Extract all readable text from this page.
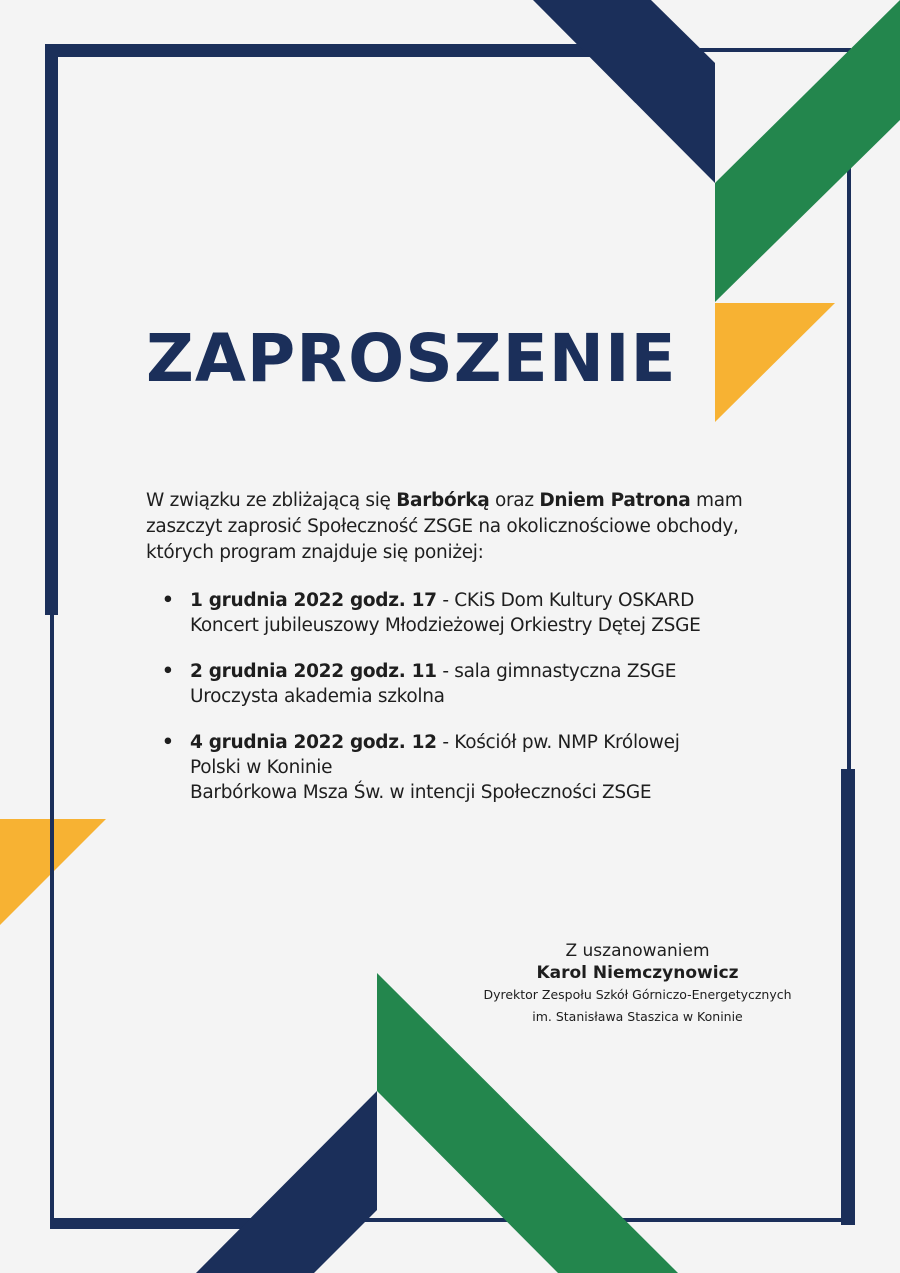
ZAPROSZENIE
W związku ze zbliżającą się Barbórką oraz Dniem Patrona mam zaszczyt zaprosić Społeczność ZSGE na okolicznościowe obchody, których program znajduje się poniżej:
• 1 grudnia 2022 godz. 17 - CKiS Dom Kultury OSKARD
Koncert jubileuszowy Młodzieżowej Orkiestry Dętej ZSGE
• 2 grudnia 2022 godz. 11 - sala gimnastyczna ZSGE
Uroczysta akademia szkolna
• 4 grudnia 2022 godz. 12 - Kościół pw. NMP Królowej
Polski w Koninie
Barbórkowa Msza Św. w intencji Społeczności ZSGE
Z uszanowaniem
Karol Niemczynowicz
Dyrektor Zespołu Szkół Górniczo-Energetycznych
im. Stanisława Staszica w Koninie
